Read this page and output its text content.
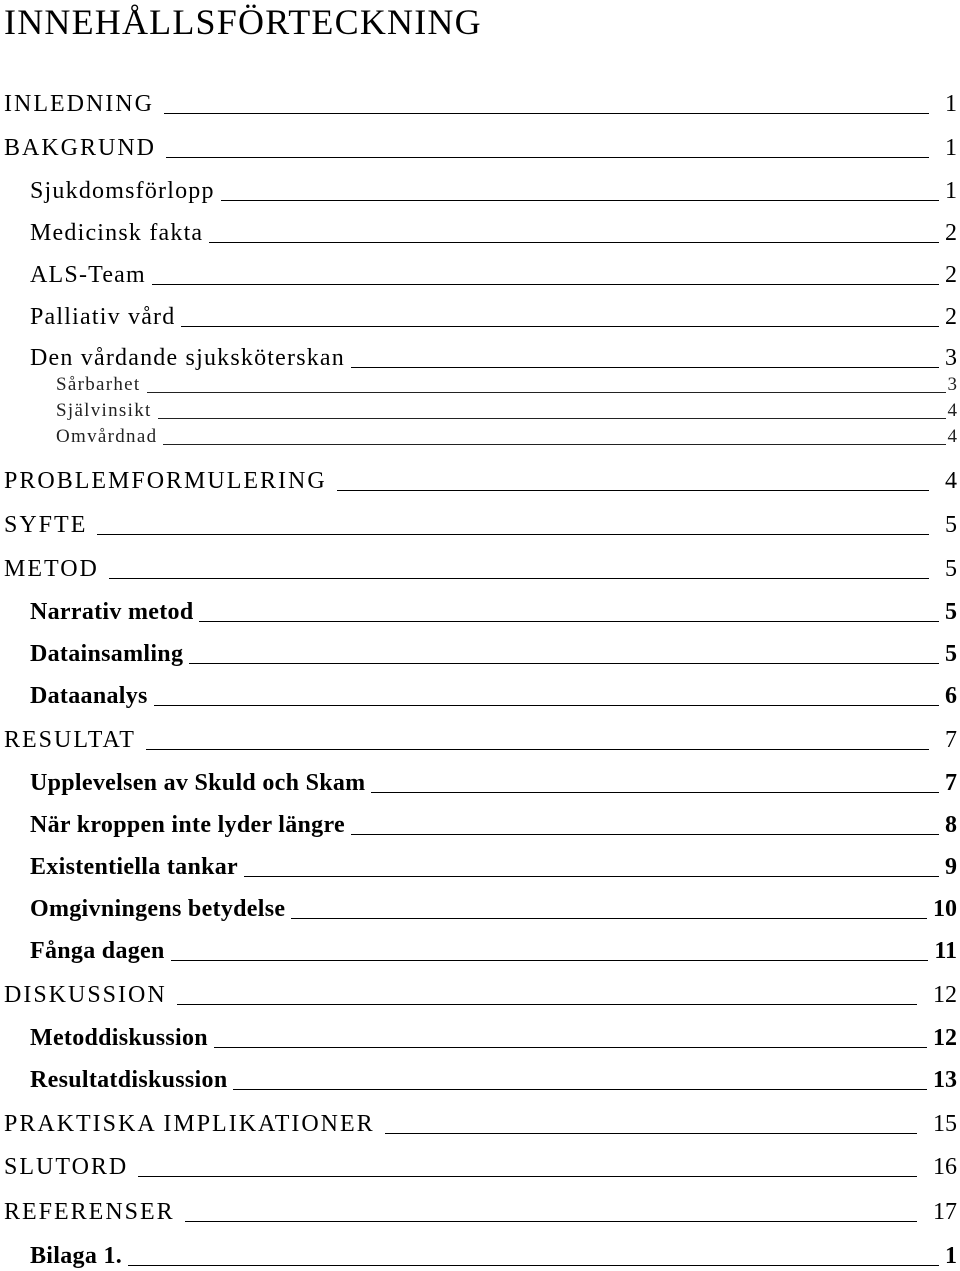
INNEHÅLLSFÖRTECKNING
INLEDNING	1
BAKGRUND	1
Sjukdomsförlopp	1
Medicinsk fakta	2
ALS-Team	2
Palliativ vård	2
Den vårdande sjuksköterskan	3
Sårbarhet	3
Självinsikt	4
Omvårdnad	4
PROBLEMFORMULERING	4
SYFTE	5
METOD	5
Narrativ metod	5
Datainsamling	5
Dataanalys	6
RESULTAT	7
Upplevelsen av Skuld och Skam	7
När kroppen inte lyder längre	8
Existentiella tankar	9
Omgivningens betydelse	10
Fånga dagen	11
DISKUSSION	12
Metoddiskussion	12
Resultatdiskussion	13
PRAKTISKA IMPLIKATIONER	15
SLUTORD	16
REFERENSER	17
Bilaga 1.	1
